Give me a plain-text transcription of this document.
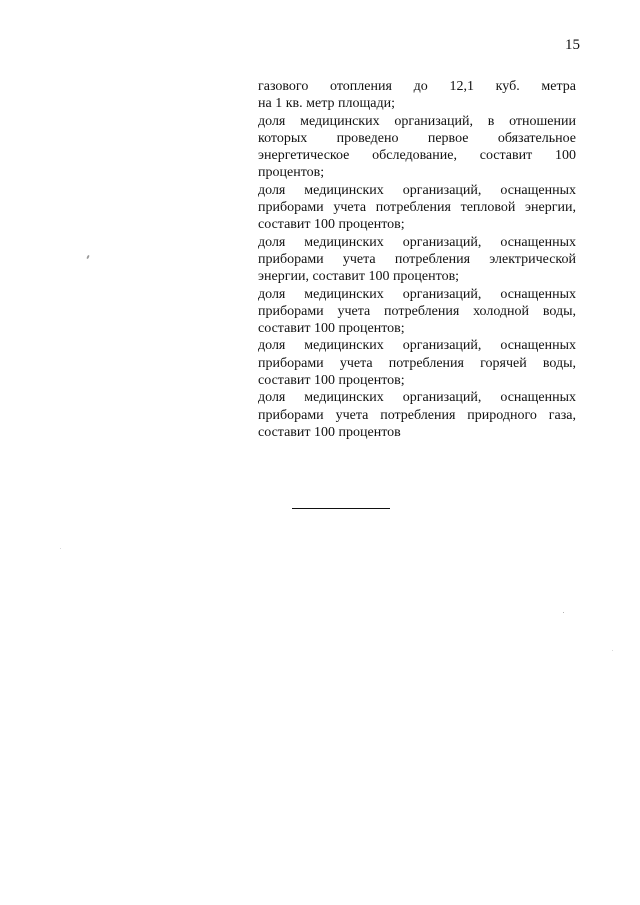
15

газового отопления до 12,1 куб. метра
на 1 кв. метр площади;

доля медицинских организаций, в отношении которых проведено первое обязательное энергетическое обследование, составит 100 процентов;

доля медицинских организаций, оснащенных приборами учета потребления тепловой энергии, составит 100 процентов;

доля медицинских организаций, оснащенных приборами учета потребления электрической энергии, составит 100 процентов;

доля медицинских организаций, оснащенных приборами учета потребления холодной воды, составит 100 процентов;

доля медицинских организаций, оснащенных приборами учета потребления горячей воды, составит 100 процентов;

доля медицинских организаций, оснащенных приборами учета потребления природного газа, составит 100 процентов
